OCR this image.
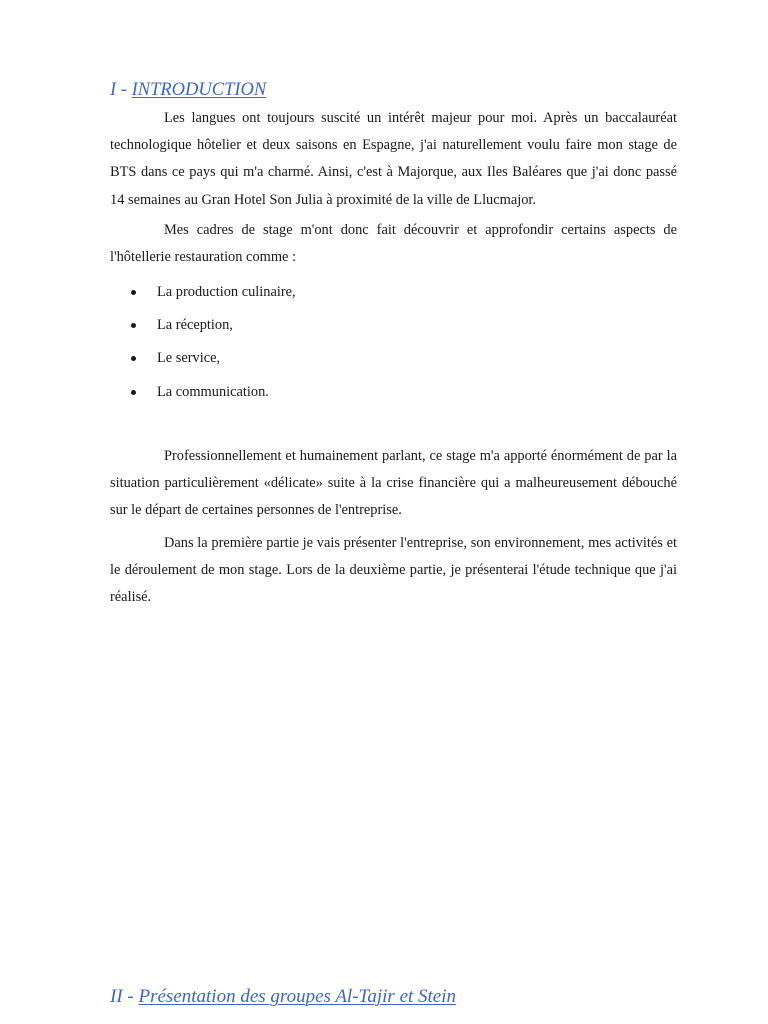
I - INTRODUCTION

Les langues ont toujours suscité un intérêt majeur pour moi. Après un baccalauréat technologique hôtelier et deux saisons en Espagne, j'ai naturellement voulu faire mon stage de BTS dans ce pays qui m'a charmé. Ainsi, c'est à Majorque, aux Iles Baléares que j'ai donc passé 14 semaines au Gran Hotel Son Julia à proximité de la ville de Llucmajor.

Mes cadres de stage m'ont donc fait découvrir et approfondir certains aspects de l'hôtellerie restauration comme :

La production culinaire,
La réception,
Le service,
La communication.

Professionnellement et humainement parlant, ce stage m'a apporté énormément de par la situation particulièrement «délicate» suite à la crise financière qui a malheureusement débouché sur le départ de certaines personnes de l'entreprise.

Dans la première partie je vais présenter l'entreprise, son environnement, mes activités et le déroulement de mon stage. Lors de la deuxième partie, je présenterai l'étude technique que j'ai réalisé.

II - Présentation des groupes Al-Tajir et Stein
